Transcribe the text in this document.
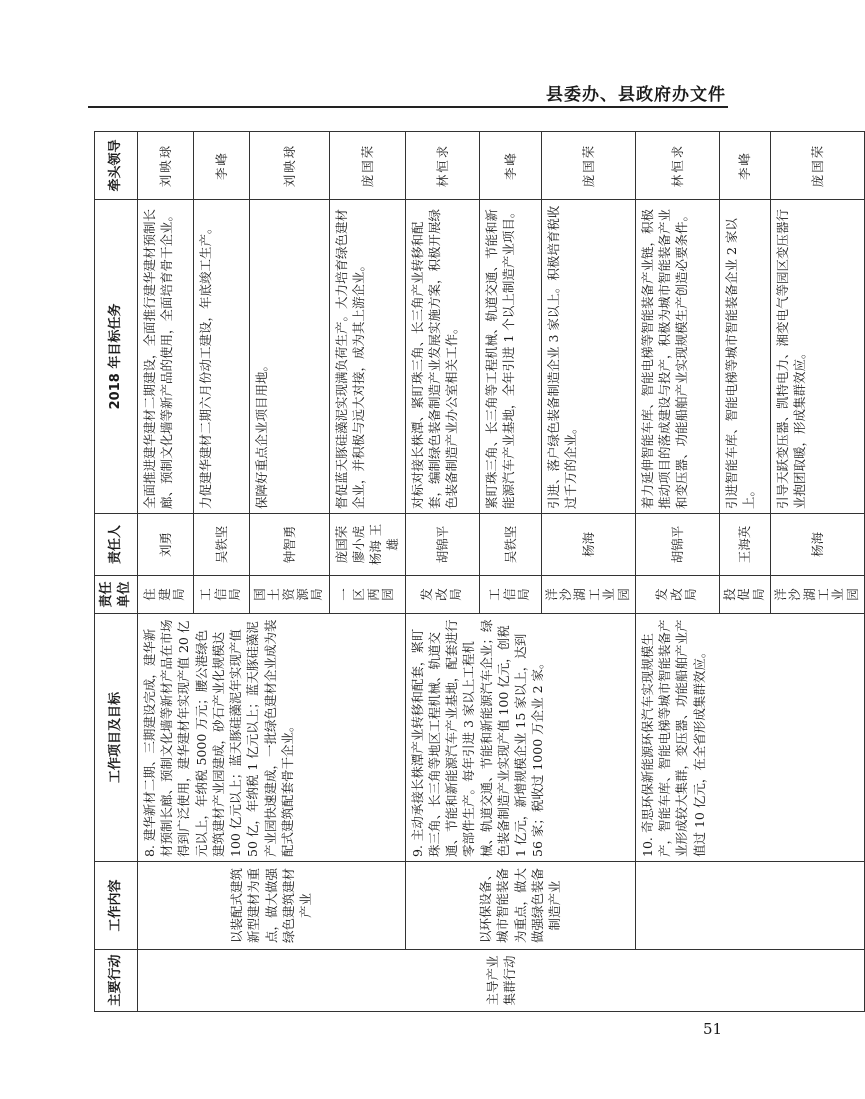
县委办、县政府办文件
主要行动	工作内容	工作项目及目标	责任单位	责任人	2018 年目标任务	牵头领导
主导产业集群行动	以装配式建筑新型建材为重点，做大做强绿色建筑建材产业	8. 建华新材二期、三期建设完成，建华新材预制长廊、预制文化墙等新材产品在市场得到广泛使用，建华建材年实现产值 20 亿元以上，年纳税 5000 万元；腰公港绿色建筑建材产业园建成，砂石产业化规模达 100 亿元以上；蓝天豚硅藻泥年实现产值 50 亿，年纳税 1 亿元以上；蓝天豚硅藻泥产业园快速建成，一批绿色建材企业成为装配式建筑配套骨干企业。	住建局	刘勇	全面推进建华建材二期建设，全面推行建华建材预制长廊、预制文化墙等新产品的使用，全面培育骨干企业。	刘映球
			工信局	吴铁坚	力促建华建材二期六月份动工建设，年底竣工生产。	李峰
			国土资源局	钟智勇	保障好重点企业项目用地。	刘映球
			一区两园	庞国荣 廖小虎 杨海 王雄	督促蓝天豚硅藻泥实现满负荷生产。大力培育绿色建材企业，并积极与远大对接，成为其上游企业。	庞国荣
	以环保设备、城市智能装备为重点，做大做强绿色装备制造产业	9. 主动承接长株潭产业转移和配套，紧盯珠三角、长三角等地区工程机械、轨道交通、节能和新能源汽车产业基地，配套进行零部件生产。每年引进 3 家以上工程机械、轨道交通、节能和新能源汽车企业；绿色装备制造产业实现产值 100 亿元，创税 1 亿元，新增规模企业 15 家以上，达到 56 家；税收过 1000 万企业 2 家。	发改局	胡锦平	对标对接长株潭、紧盯珠三角、长三角产业转移和配套，编制绿色装备制造产业发展实施方案，积极开展绿色装备制造产业办公室相关工作。	林恒求
			工信局	吴铁坚	紧盯珠三角、长三角等工程机械、轨道交通、节能和新能源汽车产业基地，全年引进 1 个以上制造产业项目。	李峰
			洋沙湖工业园	杨海	引进、落户绿色装备制造企业 3 家以上。积极培育税收过千万的企业。	庞国荣
		10. 奇思环保新能源环保汽车实现规模生产，智能车库、智能电梯等城市智能装备产业形成较大集群，变压器、功能船舶产业产值过 10 亿元，在全省形成集群效应。	发改局	胡锦平	着力延伸智能车库、智能电梯等智能装备产业链，积极推动项目的落成建设与投产，积极为城市智能装备产业和变压器、功能船舶产业实现规模生产创造必要条件。	林恒求
			投促局	王海英	引进智能车库、智能电梯等城市智能装备企业 2 家以上。	李峰
			洋沙湖工业园	杨海	引导天跃变压器、凯特电力、湘变电气等园区变压器行业抱团取暖，形成集群效应。	庞国荣
51
